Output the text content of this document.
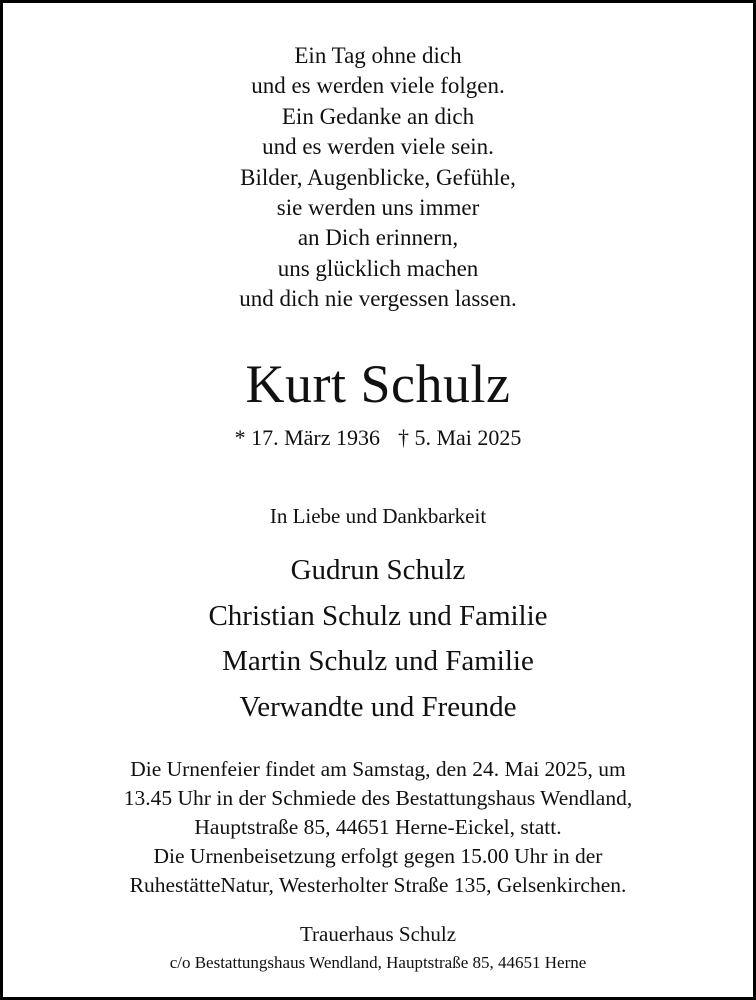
Ein Tag ohne dich
und es werden viele folgen.
Ein Gedanke an dich
und es werden viele sein.
Bilder, Augenblicke, Gefühle,
sie werden uns immer
an Dich erinnern,
uns glücklich machen
und dich nie vergessen lassen.
Kurt Schulz
* 17. März 1936 † 5. Mai 2025
In Liebe und Dankbarkeit
Gudrun Schulz
Christian Schulz und Familie
Martin Schulz und Familie
Verwandte und Freunde
Die Urnenfeier findet am Samstag, den 24. Mai 2025, um
13.45 Uhr in der Schmiede des Bestattungshaus Wendland,
Hauptstraße 85, 44651 Herne-Eickel, statt.
Die Urnenbeisetzung erfolgt gegen 15.00 Uhr in der
RuhestätteNatur, Westerholter Straße 135, Gelsenkirchen.
Trauerhaus Schulz
c/o Bestattungshaus Wendland, Hauptstraße 85, 44651 Herne
